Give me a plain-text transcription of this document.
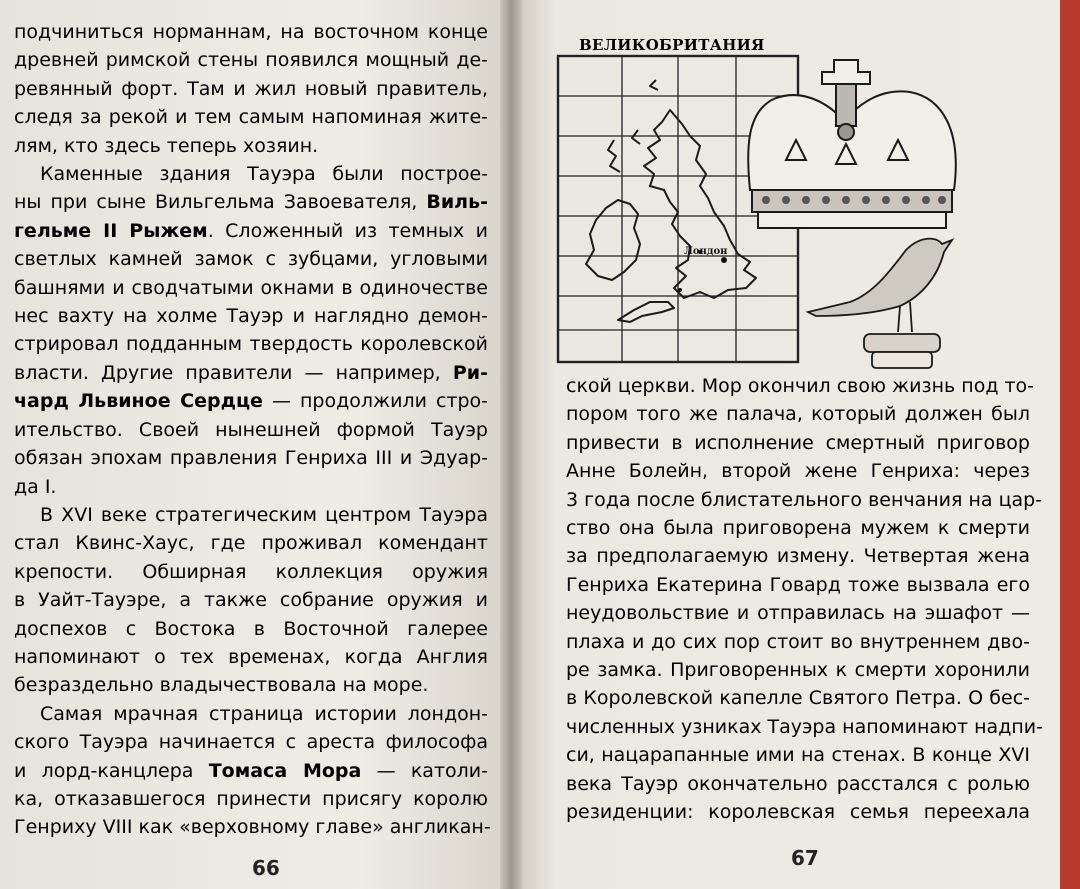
подчиниться норманнам, на восточном конце

древней римской стены появился мощный де-

ревянный форт. Там и жил новый правитель,

следя за рекой и тем самым напоминая жите-

лям, кто здесь теперь хозяин.

Каменные здания Тауэра были построе-

ны при сыне Вильгельма Завоевателя, Виль-

гельме II Рыжем. Сложенный из темных и

светлых камней замок с зубцами, угловыми

башнями и сводчатыми окнами в одиночестве

нес вахту на холме Тауэр и наглядно демон-

стрировал подданным твердость королевской

власти. Другие правители — например, Ри-

чард Львиное Сердце — продолжили стро-

ительство. Своей нынешней формой Тауэр

обязан эпохам правления Генриха III и Эдуар-

да I.

В XVI веке стратегическим центром Тауэра

стал Квинс-Хаус, где проживал комендант

крепости. Обширная коллекция оружия

в Уайт-Тауэре, а также собрание оружия и

доспехов с Востока в Восточной галерее

напоминают о тех временах, когда Англия

безраздельно владычествовала на море.

Самая мрачная страница истории лондон-

ского Тауэра начинается с ареста философа

и лорд-канцлера Томаса Мора — католи-

ка, отказавшегося принести присягу королю

Генриху VIII как «верховному главе» англикан-

66
ВЕЛИКОБРИТАНИЯ
Лондон

ской церкви. Мор окончил свою жизнь под то-

пором того же палача, который должен был

привести в исполнение смертный приговор

Анне Болейн, второй жене Генриха: через

3 года после блистательного венчания на цар-

ство она была приговорена мужем к смерти

за предполагаемую измену. Четвертая жена

Генриха Екатерина Говард тоже вызвала его

неудовольствие и отправилась на эшафот —

плаха и до сих пор стоит во внутреннем дво-

ре замка. Приговоренных к смерти хоронили

в Королевской капелле Святого Петра. О бес-

численных узниках Тауэра напоминают надпи-

си, нацарапанные ими на стенах. В конце XVI

века Тауэр окончательно расстался с ролью

резиденции: королевская семья переехала

67
